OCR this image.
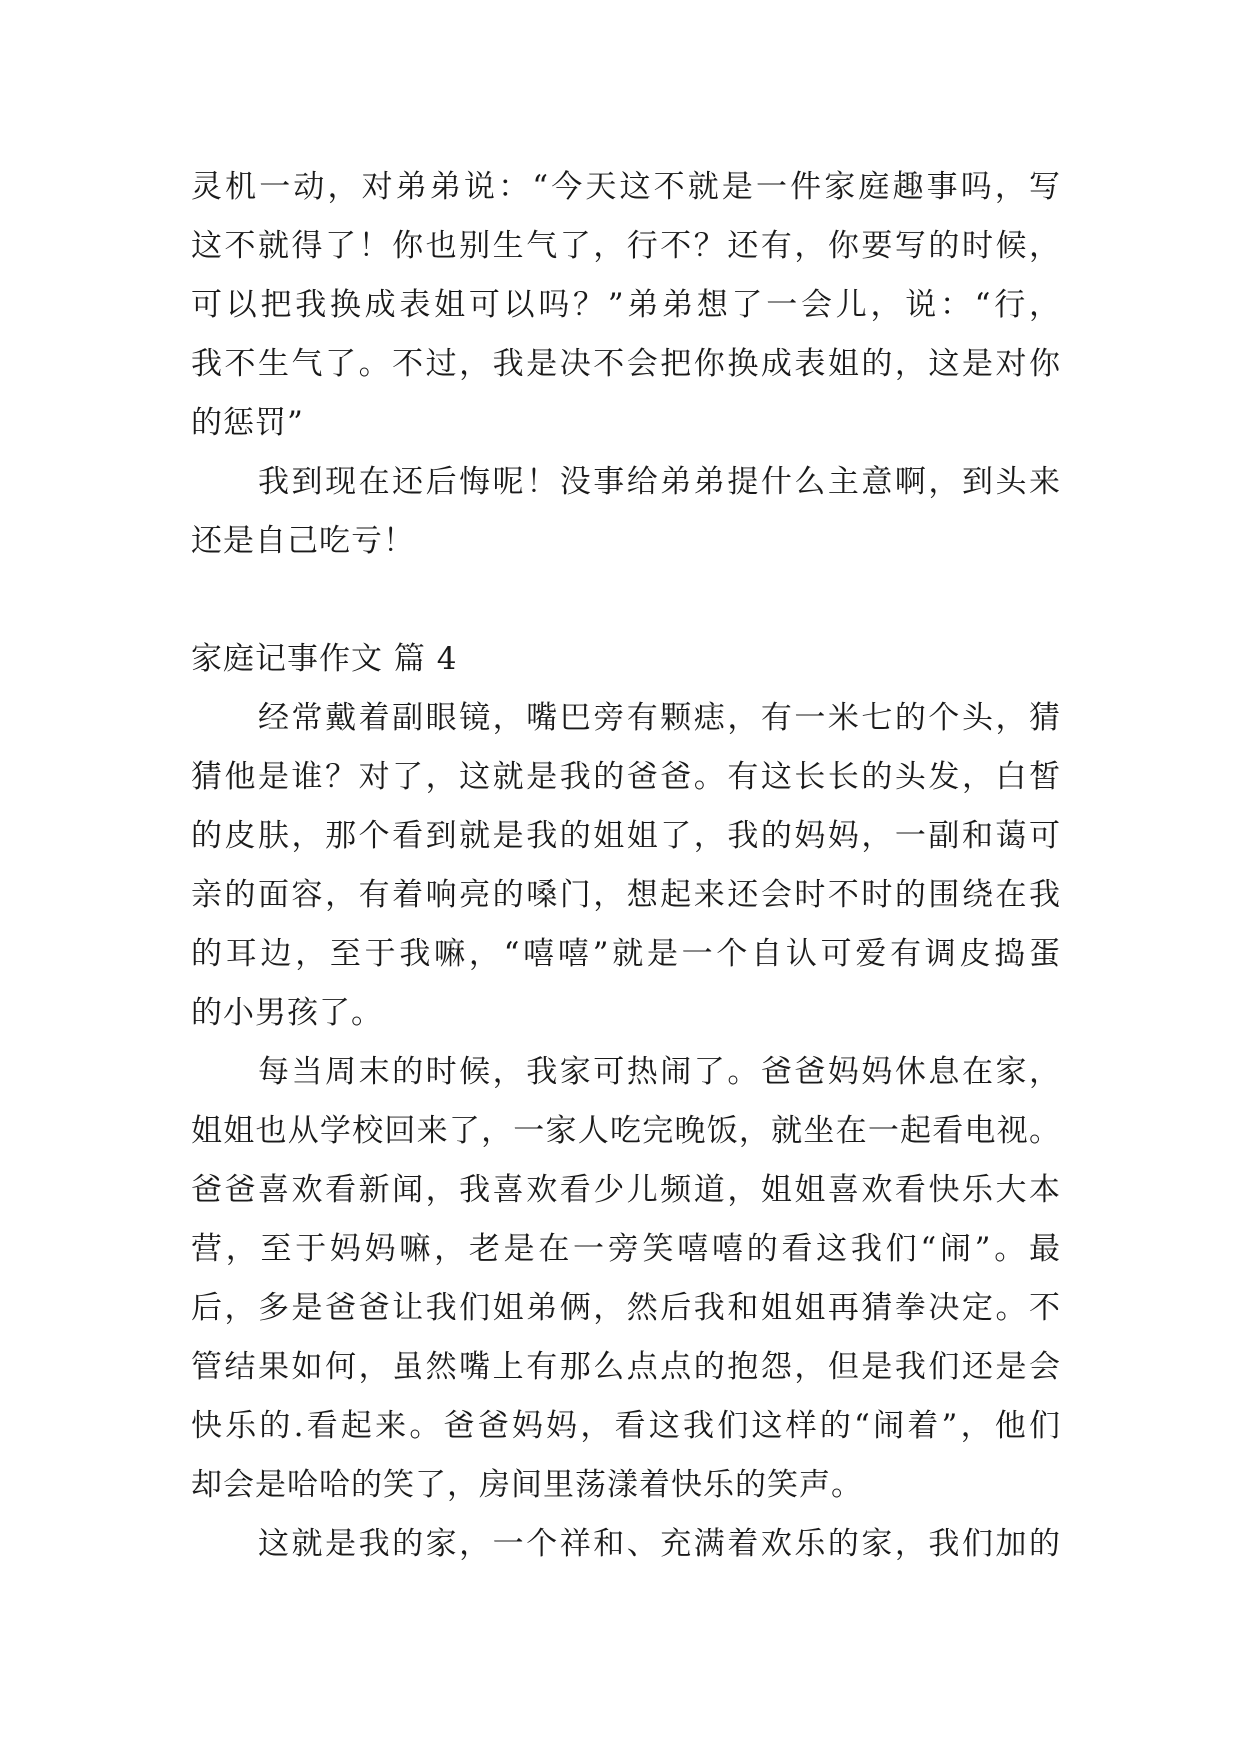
灵机一动，对弟弟说：“今天这不就是一件家庭趣事吗，写
这不就得了！你也别生气了，行不？还有，你要写的时候，
可以把我换成表姐可以吗？”弟弟想了一会儿，说：“行，
我不生气了。不过，我是决不会把你换成表姐的，这是对你
的惩罚”
　　我到现在还后悔呢！没事给弟弟提什么主意啊，到头来
还是自己吃亏！
家庭记事作文 篇 4
　　经常戴着副眼镜，嘴巴旁有颗痣，有一米七的个头，猜
猜他是谁？对了，这就是我的爸爸。有这长长的头发，白皙
的皮肤，那个看到就是我的姐姐了，我的妈妈，一副和蔼可
亲的面容，有着响亮的嗓门，想起来还会时不时的围绕在我
的耳边，至于我嘛，“嘻嘻”就是一个自认可爱有调皮捣蛋
的小男孩了。
　　每当周末的时候，我家可热闹了。爸爸妈妈休息在家，
姐姐也从学校回来了，一家人吃完晚饭，就坐在一起看电视。
爸爸喜欢看新闻，我喜欢看少儿频道，姐姐喜欢看快乐大本
营，至于妈妈嘛，老是在一旁笑嘻嘻的看这我们“闹”。最
后，多是爸爸让我们姐弟俩，然后我和姐姐再猜拳决定。不
管结果如何，虽然嘴上有那么点点的抱怨，但是我们还是会
快乐的.看起来。爸爸妈妈，看这我们这样的“闹着”，他们
却会是哈哈的笑了，房间里荡漾着快乐的笑声。
　　这就是我的家，一个祥和、充满着欢乐的家，我们加的
